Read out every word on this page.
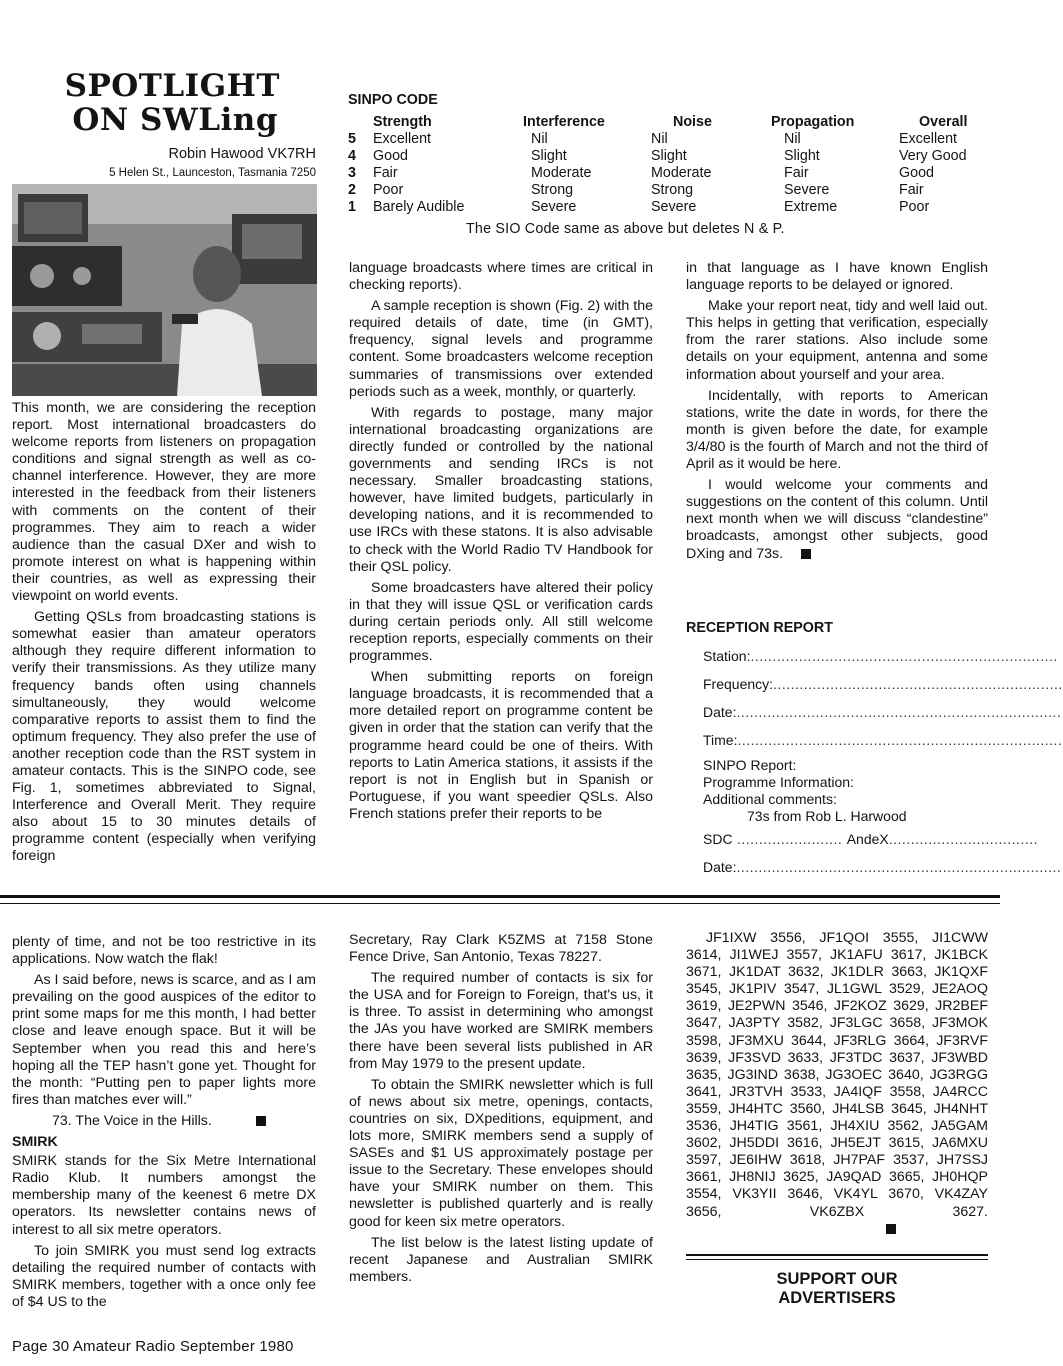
SPOTLIGHT
ON SWLing
Robin Hawood VK7RH
5 Helen St., Launceston, Tasmania 7250
SINPO CODE
	Strength	Interference	Noise	Propagation	Overall
5	Excellent	Nil	Nil	Nil	Excellent
4	Good	Slight	Slight	Slight	Very Good
3	Fair	Moderate	Moderate	Fair	Good
2	Poor	Strong	Strong	Severe	Fair
1	Barely Audible	Severe	Severe	Extreme	Poor
The SIO Code same as above but deletes N & P.

This month, we are considering the reception report. Most international broadcasters do welcome reports from listeners on propagation conditions and signal strength as well as co-channel interference. However, they are more interested in the feedback from their listeners with comments on the content of their programmes. They aim to reach a wider audience than the casual DXer and wish to promote interest on what is happening within their countries, as well as expressing their viewpoint on world events.

Getting QSLs from broadcasting stations is somewhat easier than amateur operators although they require different information to verify their transmissions. As they utilize many frequency bands often using channels simultaneously, they would welcome comparative reports to assist them to find the optimum frequency. They also prefer the use of another reception code than the RST system in amateur contacts. This is the SINPO code, see Fig. 1, sometimes abbreviated to Signal, Interference and Overall Merit. They require also about 15 to 30 minutes details of programme content (especially when verifying foreign

language broadcasts where times are critical in checking reports).

A sample reception is shown (Fig. 2) with the required details of date, time (in GMT), frequency, signal levels and programme content. Some broadcasters welcome reception summaries of transmissions over extended periods such as a week, monthly, or quarterly.

With regards to postage, many major international broadcasting organizations are directly funded or controlled by the national governments and sending IRCs is not necessary. Smaller broadcasting stations, however, have limited budgets, particularly in developing nations, and it is recommended to use IRCs with these statons. It is also advisable to check with the World Radio TV Handbook for their QSL policy.

Some broadcasters have altered their policy in that they will issue QSL or verification cards during certain periods only. All still welcome reception reports, especially comments on their programmes.

When submitting reports on foreign language broadcasts, it is recommended that a more detailed report on programme content be given in order that the station can verify that the programme heard could be one of theirs. With reports to Latin America stations, it assists if the report is not in English but in Spanish or Portuguese, if you want speedier QSLs. Also French stations prefer their reports to be

in that language as I have known English language reports to be delayed or ignored.

Make your report neat, tidy and well laid out. This helps in getting that verification, especially from the rarer stations. Also include some details on your equipment, antenna and some information about yourself and your area.

Incidentally, with reports to American stations, write the date in words, for there the month is given before the date, for example 3/4/80 is the fourth of March and not the third of April as it would be here.

I would welcome your comments and suggestions on the content of this column. Until next month when we will discuss “clandestine” broadcasts, amongst other subjects, good DXing and 73s.

RECEPTION REPORT
Station:......................................................................
Frequency:..................................................................
Date:..........................................................................
Time:..........................................................................
SINPO Report:
Programme Information:
Additional comments:
73s from Rob L. Harwood
SDC ........................ AndeX..................................
Date:..........................................................................

plenty of time, and not be too restrictive in its applications. Now watch the flak!

As I said before, news is scarce, and as I am prevailing on the good auspices of the editor to print some maps for me this month, I had better close and leave enough space. But it will be September when you read this and here’s hoping all the TEP hasn’t gone yet. Thought for the month: “Putting pen to paper lights more fires than matches ever will.”

73. The Voice in the Hills.

SMIRK

SMIRK stands for the Six Metre International Radio Klub. It numbers amongst the membership many of the keenest 6 metre DX operators. Its newsletter contains news of interest to all six metre operators.

To join SMIRK you must send log extracts detailing the required number of contacts with SMIRK members, together with a once only fee of $4 US to the

Secretary, Ray Clark K5ZMS at 7158 Stone Fence Drive, San Antonio, Texas 78227.

The required number of contacts is six for the USA and for Foreign to Foreign, that's us, it is three. To assist in determining who amongst the JAs you have worked are SMIRK members there have been several lists published in AR from May 1979 to the present update.

To obtain the SMIRK newsletter which is full of news about six metre, openings, contacts, countries on six, DXpeditions, equipment, and lots more, SMIRK members send a supply of SASEs and $1 US approximately postage per issue to the Secretary. These envelopes should have your SMIRK number on them. This newsletter is published quarterly and is really good for keen six metre operators.

The list below is the latest listing update of recent Japanese and Australian SMIRK members.

JF1IXW 3556, JF1QOI 3555, JI1CWW 3614, JI1WEJ 3557, JK1AFU 3617, JK1BCK 3671, JK1DAT 3632, JK1DLR 3663, JK1QXF 3545, JK1PIV 3547, JL1GWL 3529, JE2AOQ 3619, JE2PWN 3546, JF2KOZ 3629, JR2BEF 3647, JA3PTY 3582, JF3LGC 3658, JF3MOK 3598, JF3MXU 3644, JF3RLG 3664, JF3RVF 3639, JF3SVD 3633, JF3TDC 3637, JF3WBD 3635, JG3IND 3638, JG3OEC 3640, JG3RGG 3641, JR3TVH 3533, JA4IQF 3558, JA4RCC 3559, JH4HTC 3560, JH4LSB 3645, JH4NHT 3536, JH4TIG 3561, JH4XIU 3562, JA5GAM 3602, JH5DDI 3616, JH5EJT 3615, JA6MXU 3597, JE6IHW 3618, JH7PAF 3537, JH7SSJ 3661, JH8NIJ 3625, JA9QAD 3665, JH0HQP 3554, VK3YII 3646, VK4YL 3670, VK4ZAY 3656, VK6ZBX 3627.

SUPPORT OUR
ADVERTISERS
Page 30 Amateur Radio September 1980
